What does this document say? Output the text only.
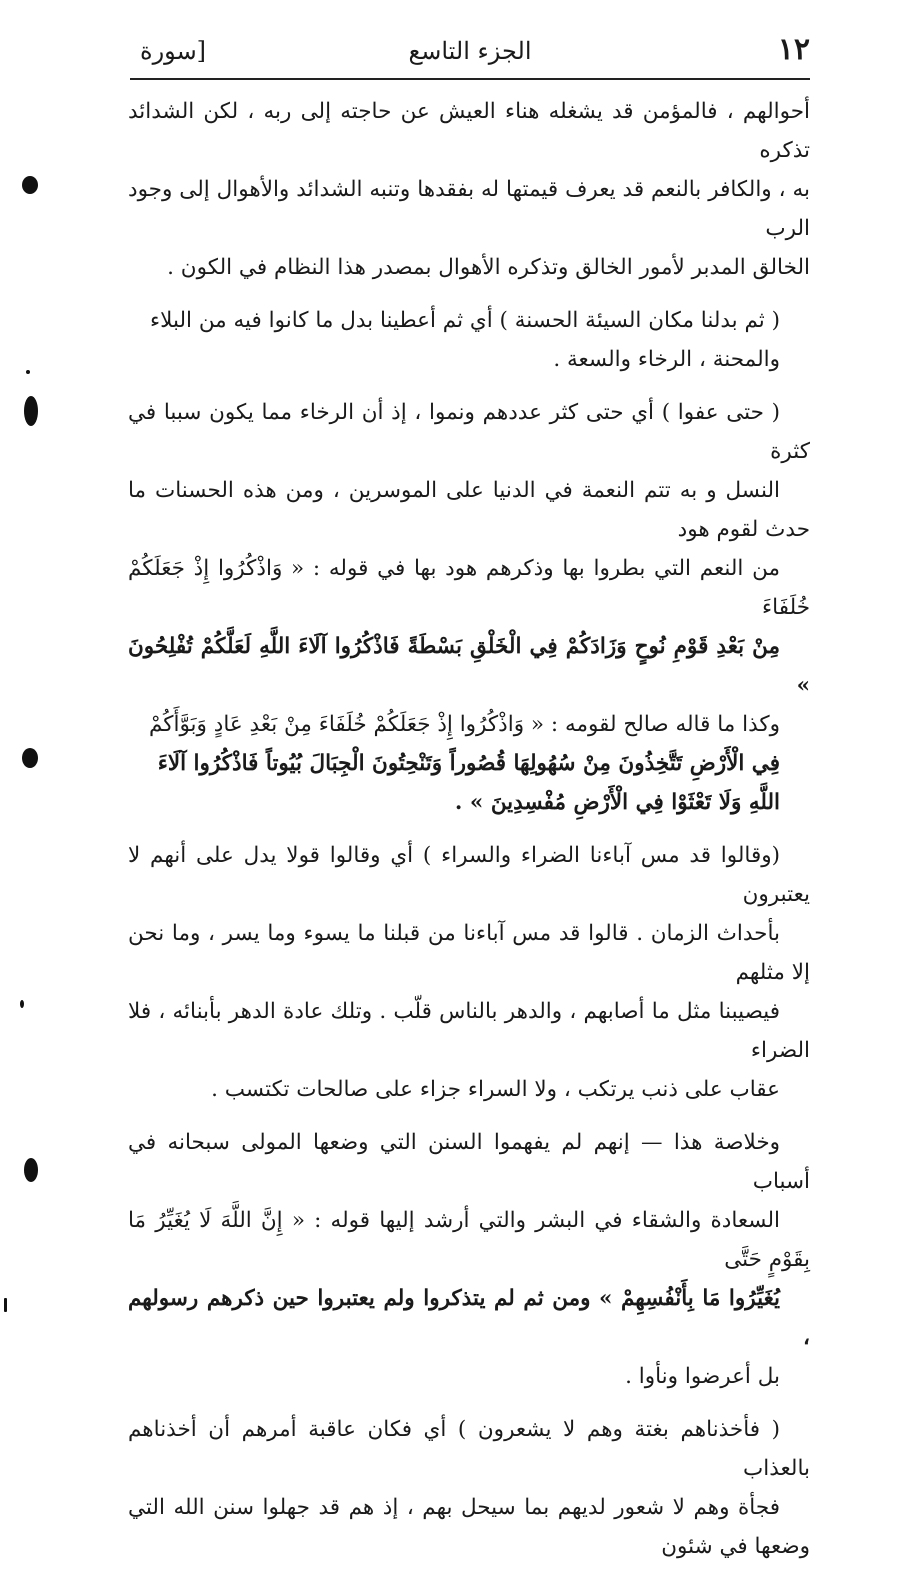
١٢
الجزء التاسع
[سورة

أحوالهم ، فالمؤمن قد يشغله هناء العيش عن حاجته إلى ربه ، لكن الشدائد تذكره
به ، والكافر بالنعم قد يعرف قيمتها له بفقدها وتنبه الشدائد والأهوال إلى وجود الرب
الخالق المدبر لأمور الخالق وتذكره الأهوال بمصدر هذا النظام في الكون .

( ثم بدلنا مكان السيئة الحسنة ) أي ثم أعطينا بدل ما كانوا فيه من البلاء
والمحنة ، الرخاء والسعة .

( حتى عفوا ) أي حتى كثر عددهم ونموا ، إذ أن الرخاء مما يكون سببا في كثرة
النسل و به تتم النعمة في الدنيا على الموسرين ، ومن هذه الحسنات ما حدث لقوم هود
من النعم التي بطروا بها وذكرهم هود بها في قوله : « وَاذْكُرُوا إِذْ جَعَلَكُمْ خُلَفَاءَ
مِنْ بَعْدِ قَوْمِ نُوحٍ وَزَادَكُمْ فِي الْخَلْقِ بَسْطَةً فَاذْكُرُوا آلَاءَ اللَّهِ لَعَلَّكُمْ تُفْلِحُونَ »
وكذا ما قاله صالح لقومه : « وَاذْكُرُوا إِذْ جَعَلَكُمْ خُلَفَاءَ مِنْ بَعْدِ عَادٍ وَبَوَّأَكُمْ
فِي الْأَرْضِ تَتَّخِذُونَ مِنْ سُهُولِهَا قُصُوراً وَتَنْحِتُونَ الْجِبَالَ بُيُوتاً فَاذْكُرُوا آلَاءَ
اللَّهِ وَلَا تَعْثَوْا فِي الْأَرْضِ مُفْسِدِينَ » .

(وقالوا قد مس آباءنا الضراء والسراء ) أي وقالوا قولا يدل على أنهم لا يعتبرون
بأحداث الزمان . قالوا قد مس آباءنا من قبلنا ما يسوء وما يسر ، وما نحن إلا مثلهم
فيصيبنا مثل ما أصابهم ، والدهر بالناس قلّب . وتلك عادة الدهر بأبنائه ، فلا الضراء
عقاب على ذنب يرتكب ، ولا السراء جزاء على صالحات تكتسب .

وخلاصة هذا — إنهم لم يفهموا السنن التي وضعها المولى سبحانه في أسباب
السعادة والشقاء في البشر والتي أرشد إليها قوله : « إِنَّ اللَّهَ لَا يُغَيِّرُ مَا بِقَوْمٍ حَتَّى
يُغَيِّرُوا مَا بِأَنْفُسِهِمْ » ومن ثم لم يتذكروا ولم يعتبروا حين ذكرهم رسولهم ،
بل أعرضوا ونأوا .

( فأخذناهم بغتة وهم لا يشعرون ) أي فكان عاقبة أمرهم أن أخذناهم بالعذاب
فجأة وهم لا شعور لديهم بما سيحل بهم ، إذ هم قد جهلوا سنن الله التي وضعها في شئون
